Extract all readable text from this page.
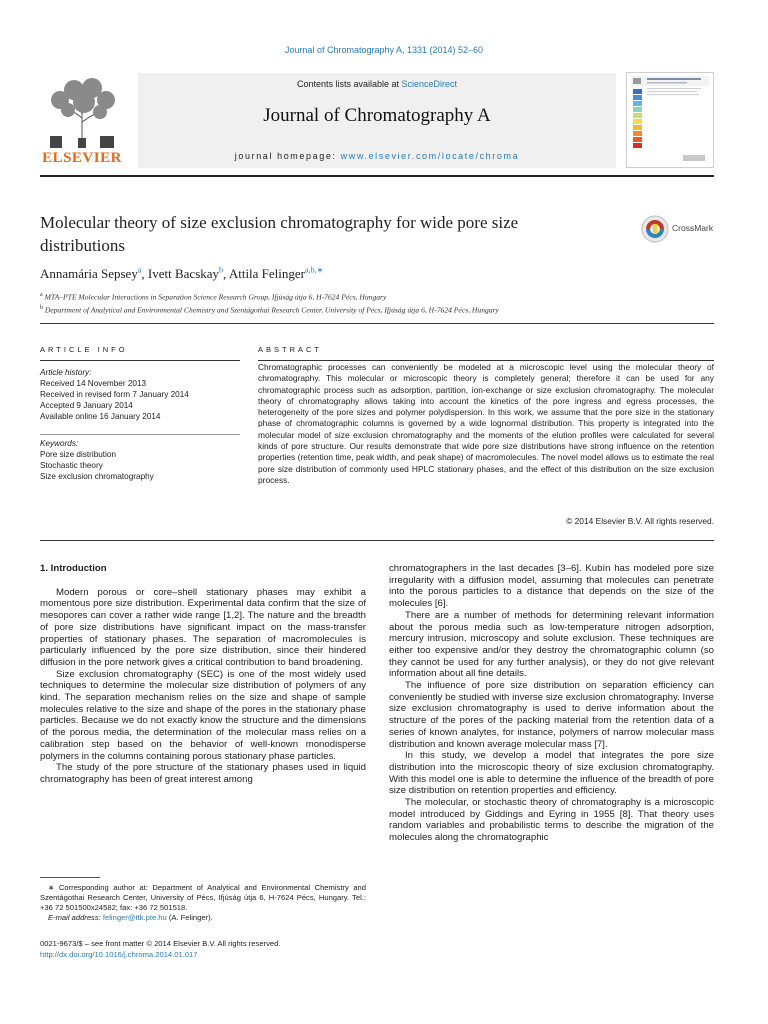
Journal of Chromatography A, 1331 (2014) 52–60
ELSEVIER
Contents lists available at ScienceDirect
Journal of Chromatography A
journal homepage: www.elsevier.com/locate/chroma
Molecular theory of size exclusion chromatography for wide pore size distributions
CrossMark
Annamária Sepsey$^a$, Ivett Bacskay$^b$, Attila Felinger$^{a,b,∗}$
$^a$ MTA–PTE Molecular Interactions in Separation Science Research Group, Ifjúság útja 6, H-7624 Pécs, Hungary
$^b$ Department of Analytical and Environmental Chemistry and Szentágothai Research Center, University of Pécs, Ifjúság útja 6, H-7624 Pécs, Hungary
ARTICLE INFO
Article history:
Received 14 November 2013
Received in revised form 7 January 2014
Accepted 9 January 2014
Available online 16 January 2014
Keywords:
Pore size distribution
Stochastic theory
Size exclusion chromatography
ABSTRACT
Chromatographic processes can conveniently be modeled at a microscopic level using the molecular theory of chromatography. This molecular or microscopic theory is completely general; therefore it can be used for any chromatographic process such as adsorption, partition, ion-exchange or size exclusion chromatography. The molecular theory of chromatography allows taking into account the kinetics of the pore ingress and egress processes, the heterogeneity of the pore sizes and polymer polydispersion. In this work, we assume that the pore size in the stationary phase of chromatographic columns is governed by a wide lognormal distribution. This property is integrated into the molecular model of size exclusion chromatography and the moments of the elution profiles were calculated for several kinds of pore structure. Our results demonstrate that wide pore size distributions have strong influence on the retention properties (retention time, peak width, and peak shape) of macromolecules. The novel model allows us to estimate the real pore size distribution of commonly used HPLC stationary phases, and the effect of this distribution on the size exclusion process.
© 2014 Elsevier B.V. All rights reserved.

1. Introduction

Modern porous or core–shell stationary phases may exhibit a momentous pore size distribution. Experimental data confirm that the size of mesopores can cover a rather wide range [1,2]. The nature and the breadth of pore size distributions have significant impact on the mass-transfer properties of stationary phases. The separation of macromolecules is particularly influenced by the pore size distribution, since their hindered diffusion in the pore network gives a critical contribution to band broadening.

Size exclusion chromatography (SEC) is one of the most widely used techniques to determine the molecular size distribution of polymers of any kind. The separation mechanism relies on the size and shape of sample molecules relative to the size and shape of the pores in the stationary phase particles. Because we do not exactly know the structure and the dimensions of the porous media, the determination of the molecular mass relies on a calibration step based on the behavior of well-known monodisperse polymers in the columns containing porous stationary phase particles.

The study of the pore structure of the stationary phases used in liquid chromatography has been of great interest among

chromatographers in the last decades [3–6]. Kubín has modeled pore size irregularity with a diffusion model, assuming that molecules can penetrate into the porous particles to a distance that depends on the size of the molecules [6].

There are a number of methods for determining relevant information about the porous media such as low-temperature nitrogen adsorption, mercury intrusion, microscopy and solute exclusion. These techniques are either too expensive and/or they destroy the chromatographic column (so they cannot be used for any further analysis), or they do not give relevant information about all fine details.

The influence of pore size distribution on separation efficiency can conveniently be studied with inverse size exclusion chromatography. Inverse size exclusion chromatography is used to derive information about the structure of the pores of the packing material from the retention data of a series of known analytes, for instance, polymers of narrow molecular mass distribution and known average molecular mass [7].

In this study, we develop a model that integrates the pore size distribution into the microscopic theory of size exclusion chromatography. With this model one is able to determine the influence of the breadth of pore size distribution on retention properties and efficiency.

The molecular, or stochastic theory of chromatography is a microscopic model introduced by Giddings and Eyring in 1955 [8]. That theory uses random variables and probabilistic terms to describe the migration of the molecules along the chromatographic

∗ Corresponding author at: Department of Analytical and Environmental Chemistry and Szentágothai Research Center, University of Pécs, Ifjúság útja 6, H-7624 Pécs, Hungary. Tel.: +36 72 501500x24582; fax: +36 72 501518.
E-mail address: felinger@ttk.pte.hu (A. Felinger).
0021-9673/$ – see front matter © 2014 Elsevier B.V. All rights reserved.
http://dx.doi.org/10.1016/j.chroma.2014.01.017
